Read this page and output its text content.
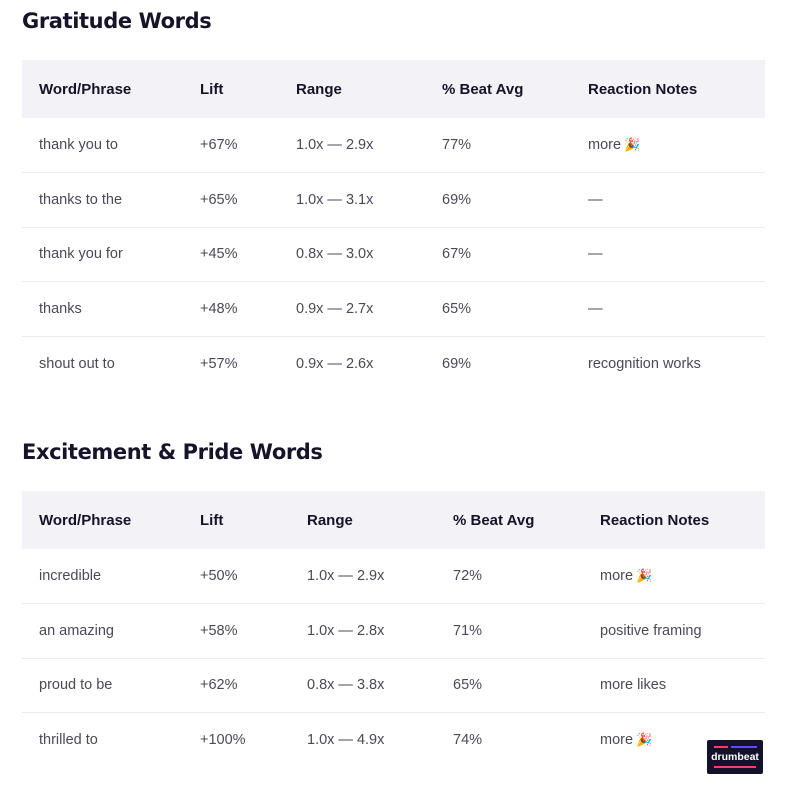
Gratitude Words
Word/Phrase	Lift	Range	% Beat Avg	Reaction Notes
thank you to	+67%	1.0x — 2.9x	77%	more 🎉
thanks to the	+65%	1.0x — 3.1x	69%	—
thank you for	+45%	0.8x — 3.0x	67%	—
thanks	+48%	0.9x — 2.7x	65%	—
shout out to	+57%	0.9x — 2.6x	69%	recognition works
Excitement & Pride Words
Word/Phrase	Lift	Range	% Beat Avg	Reaction Notes
incredible	+50%	1.0x — 2.9x	72%	more 🎉
an amazing	+58%	1.0x — 2.8x	71%	positive framing
proud to be	+62%	0.8x — 3.8x	65%	more likes
thrilled to	+100%	1.0x — 4.9x	74%	more 🎉
drumbeat
